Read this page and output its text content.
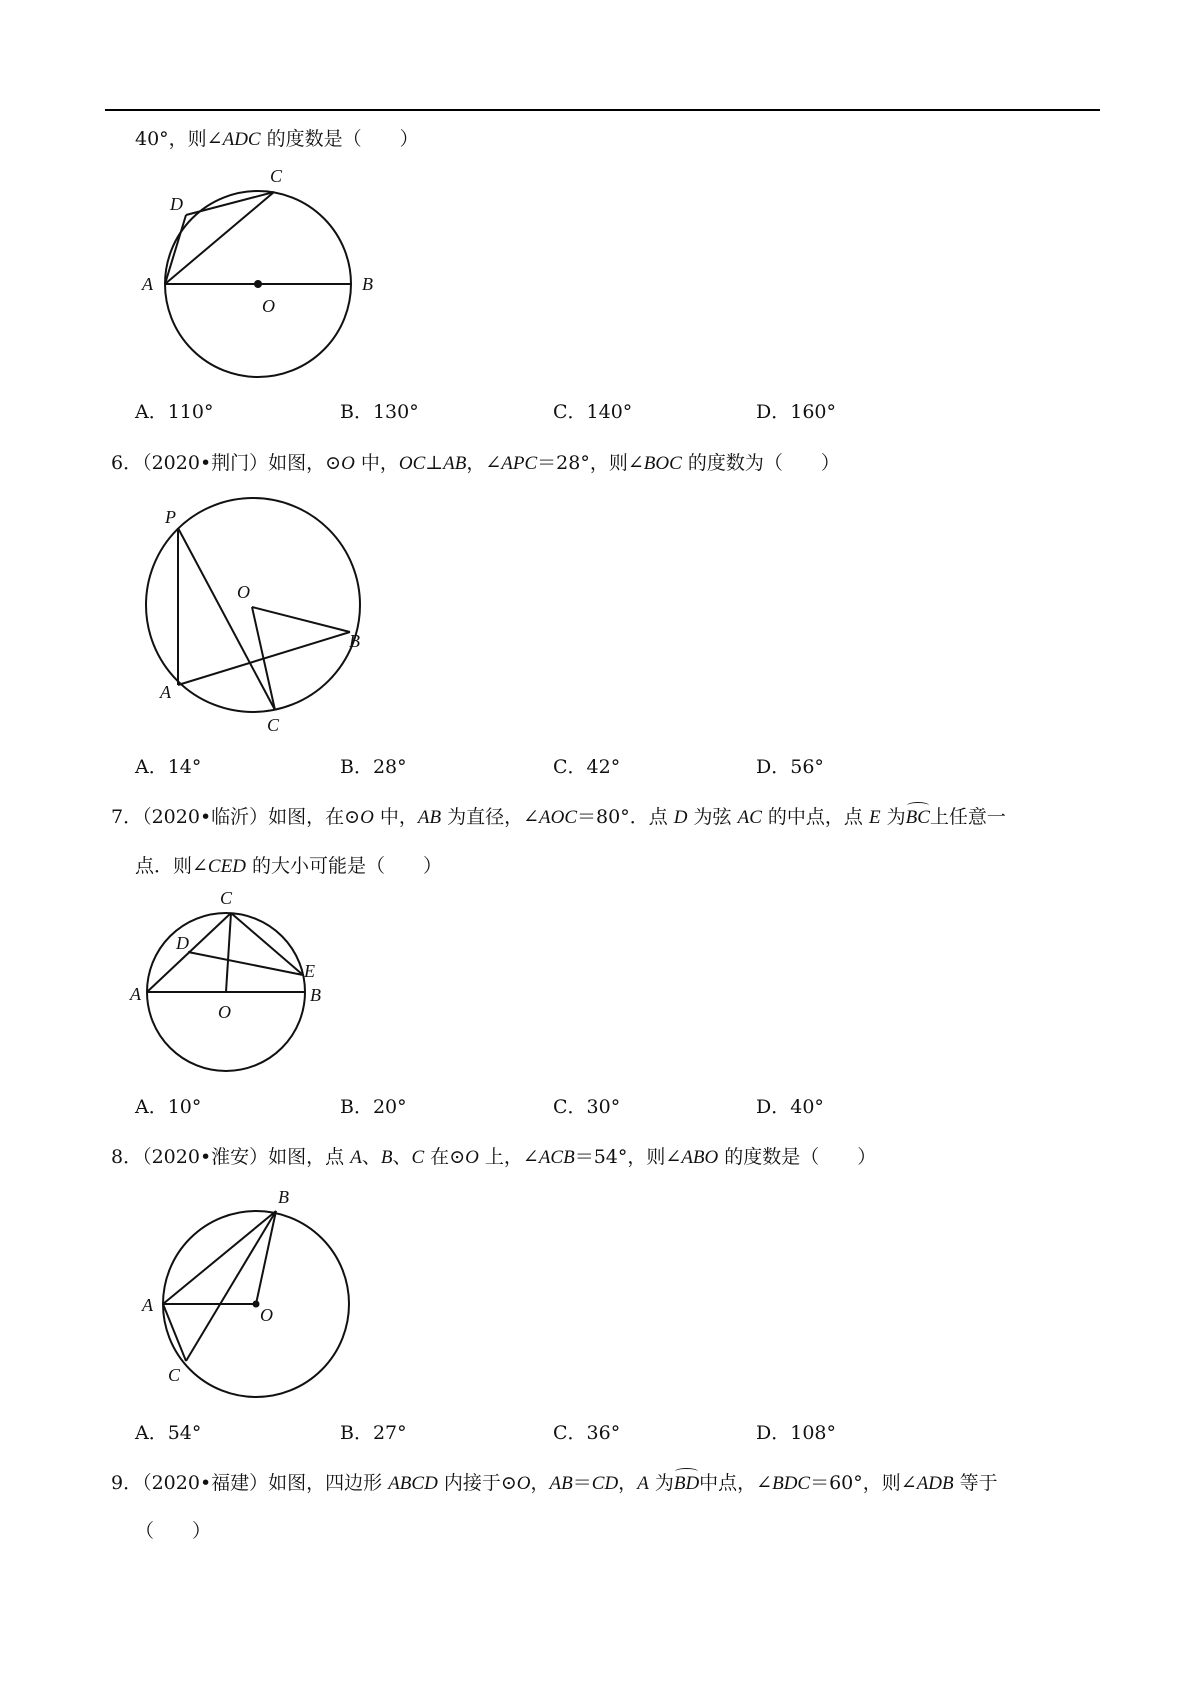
40°，则∠ADC 的度数是（　　）
C
D
A	B
O
A．110°	B．130°	C．140°	D．160°
6．（2020•荆门）如图，⊙O 中，OC⊥AB，∠APC＝28°，则∠BOC 的度数为（　　）
P
O
B
A
C
A．14°	B．28°	C．42°	D．56°
7．（2020•临沂）如图，在⊙O 中，AB 为直径，∠AOC＝80°．点 D 为弦 AC 的中点，点 E 为BC上任意一
点．则∠CED 的大小可能是（　　）
C
D
E
A
O
B
A．10°	B．20°	C．30°	D．40°
8．（2020•淮安）如图，点 A、B、C 在⊙O 上，∠ACB＝54°，则∠ABO 的度数是（　　）
B
A	O
C
A．54°	B．27°	C．36°	D．108°
9．（2020•福建）如图，四边形 ABCD 内接于⊙O，AB＝CD，A 为BD中点，∠BDC＝60°，则∠ADB 等于
（　　）
